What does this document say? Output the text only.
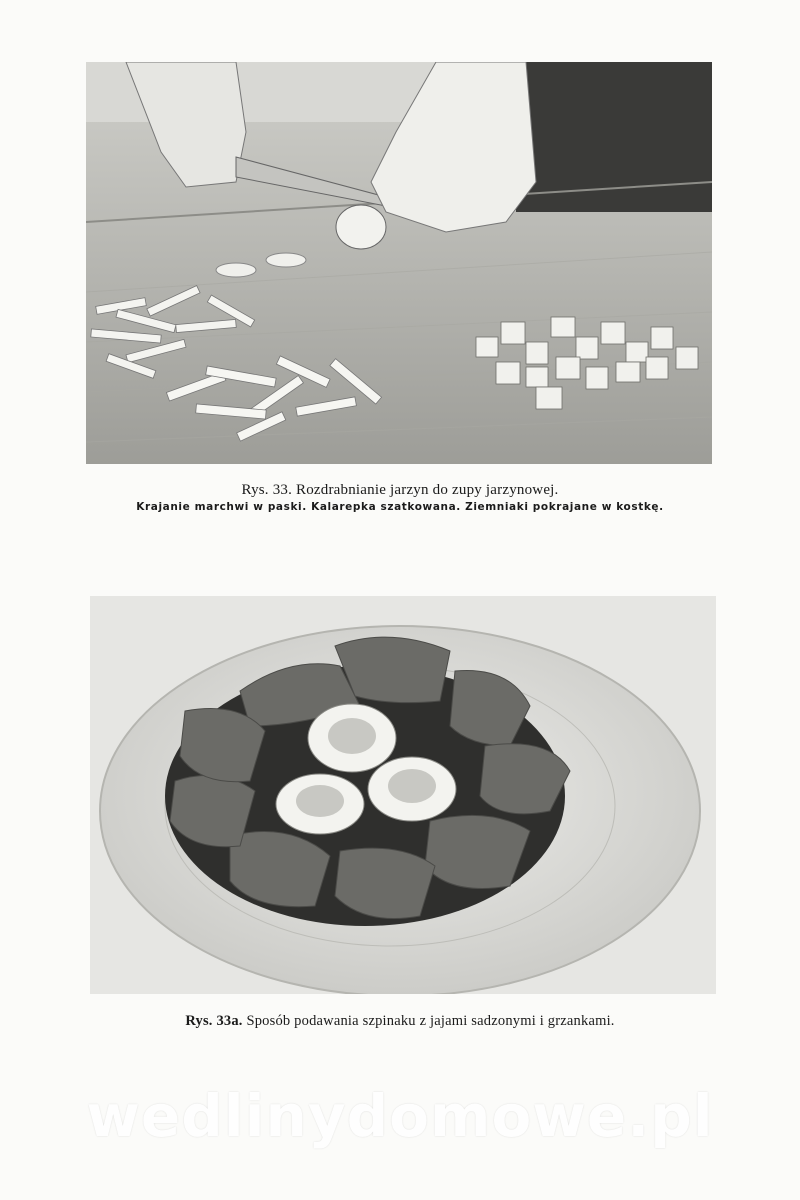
Rys. 33. Rozdrabnianie jarzyn do zupy jarzynowej.
Krajanie marchwi w paski. Kalarepka szatkowana. Ziemniaki pokrajane w kostkę.
Rys. 33a. Sposób podawania szpinaku z jajami sadzonymi i grzankami.
wedlinydomowe.pl
